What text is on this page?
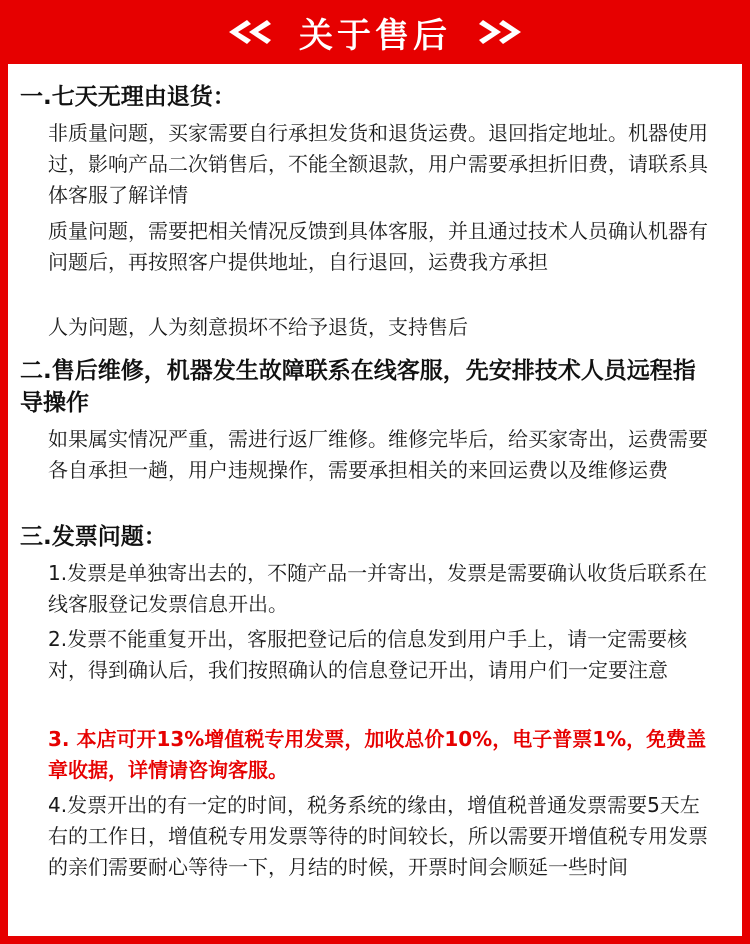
关于售后
一.七天无理由退货：
非质量问题，买家需要自行承担发货和退货运费。退回指定地址。机器使用过，影响产品二次销售后，不能全额退款，用户需要承担折旧费，请联系具体客服了解详情
质量问题，需要把相关情况反馈到具体客服，并且通过技术人员确认机器有问题后，再按照客户提供地址，自行退回，运费我方承担
人为问题，人为刻意损坏不给予退货，支持售后
二.售后维修，机器发生故障联系在线客服，先安排技术人员远程指
导操作
如果属实情况严重，需进行返厂维修。维修完毕后，给买家寄出，运费需要各自承担一趟，用户违规操作，需要承担相关的来回运费以及维修运费
三.发票问题：
1.发票是单独寄出去的，不随产品一并寄出，发票是需要确认收货后联系在线客服登记发票信息开出。
2.发票不能重复开出，客服把登记后的信息发到用户手上，请一定需要核对，得到确认后，我们按照确认的信息登记开出，请用户们一定要注意
3. 本店可开13%增值税专用发票，加收总价10%，电子普票1%，免费盖章收据，详情请咨询客服。
4.发票开出的有一定的时间，税务系统的缘由，增值税普通发票需要5天左右的工作日，增值税专用发票等待的时间较长，所以需要开增值税专用发票的亲们需要耐心等待一下，月结的时候，开票时间会顺延一些时间
